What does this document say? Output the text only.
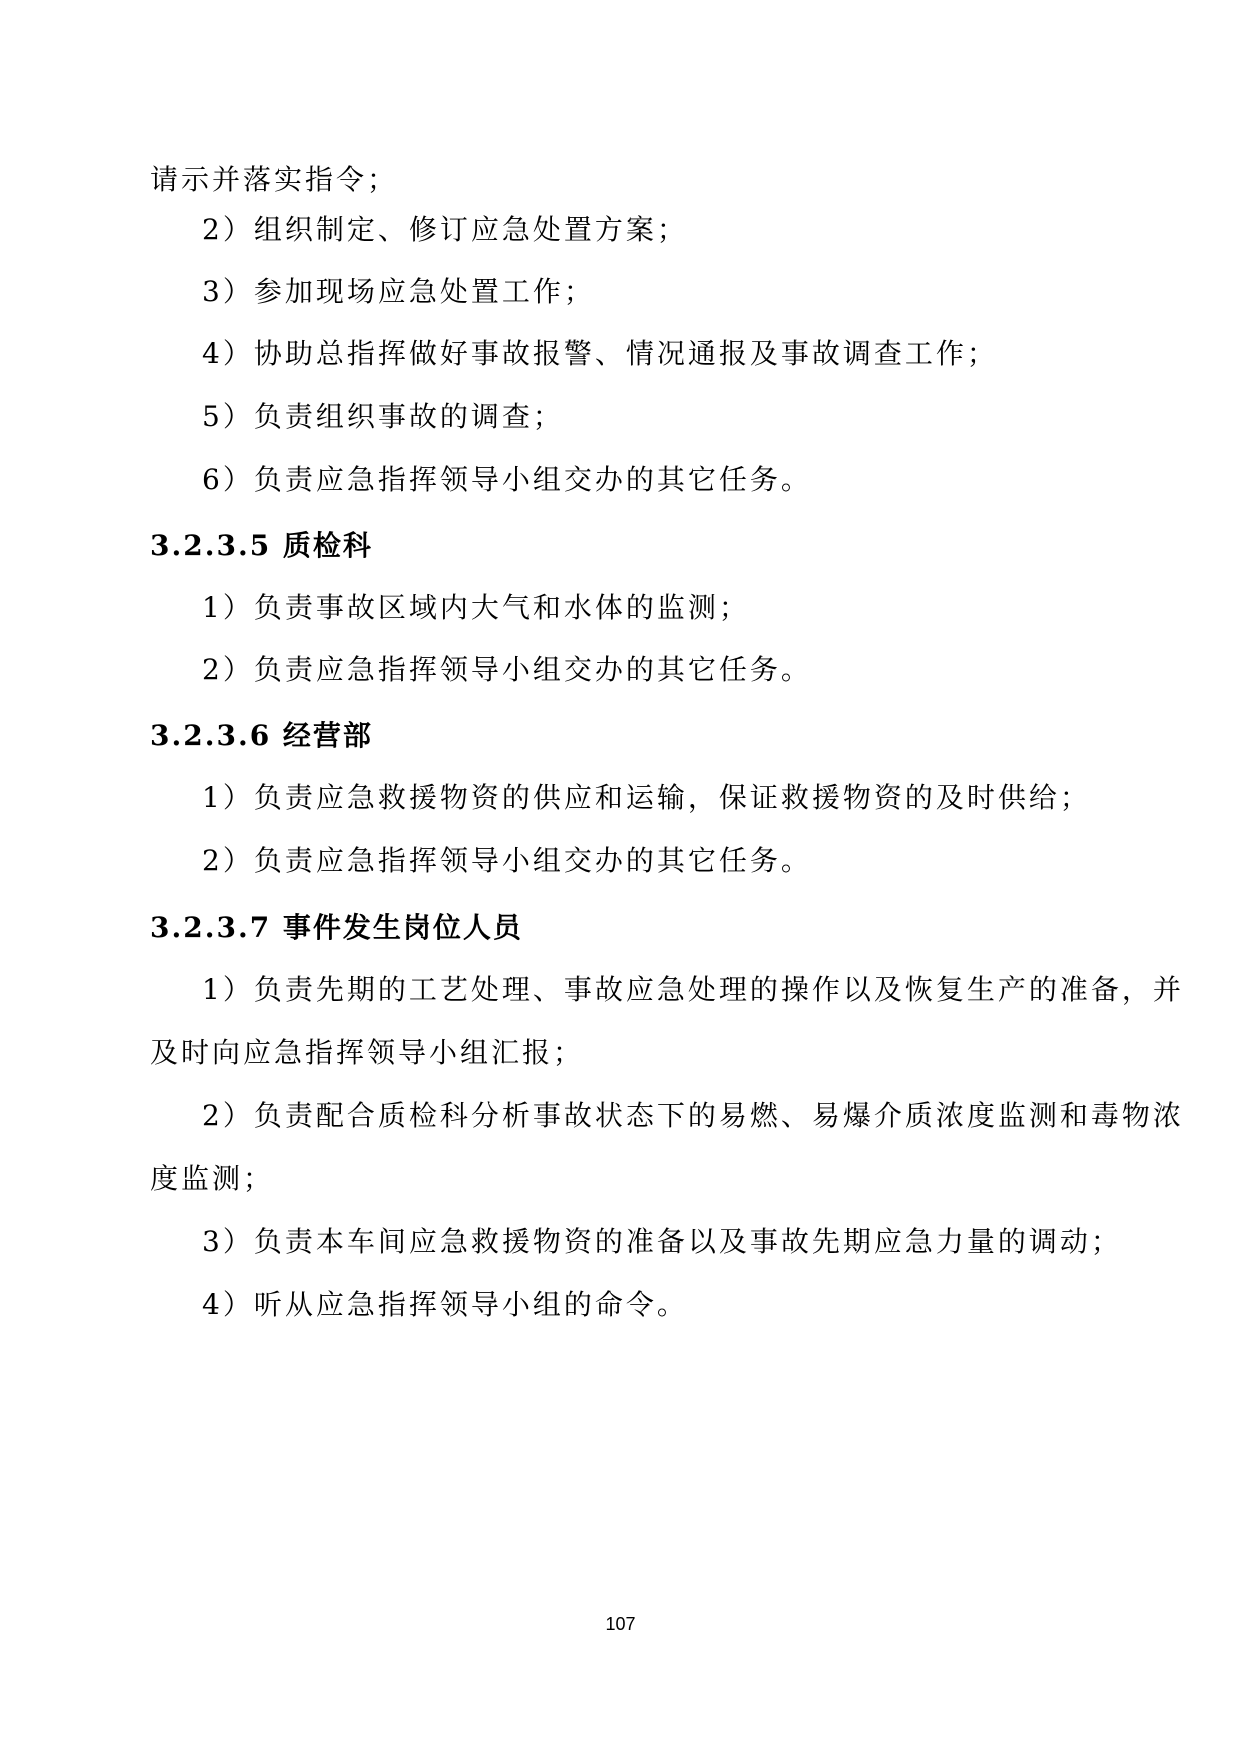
请示并落实指令；
2）组织制定、修订应急处置方案；
3）参加现场应急处置工作；
4）协助总指挥做好事故报警、情况通报及事故调查工作；
5）负责组织事故的调查；
6）负责应急指挥领导小组交办的其它任务。
3.2.3.5 质检科
1）负责事故区域内大气和水体的监测；
2）负责应急指挥领导小组交办的其它任务。
3.2.3.6 经营部
1）负责应急救援物资的供应和运输，保证救援物资的及时供给；
2）负责应急指挥领导小组交办的其它任务。
3.2.3.7 事件发生岗位人员
1）负责先期的工艺处理、事故应急处理的操作以及恢复生产的准备，并
及时向应急指挥领导小组汇报；
2）负责配合质检科分析事故状态下的易燃、易爆介质浓度监测和毒物浓
度监测；
3）负责本车间应急救援物资的准备以及事故先期应急力量的调动；
4）听从应急指挥领导小组的命令。
107
